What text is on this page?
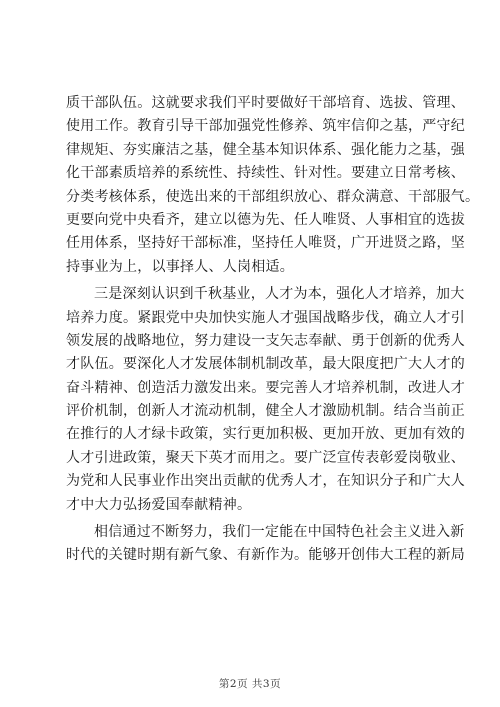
质干部队伍。这就要求我们平时要做好干部培育、选拔、管理、
使用工作。教育引导干部加强党性修养、筑牢信仰之基，严守纪
律规矩、夯实廉洁之基，健全基本知识体系、强化能力之基，强
化干部素质培养的系统性、持续性、针对性。要建立日常考核、
分类考核体系，使选出来的干部组织放心、群众满意、干部服气。
更要向党中央看齐，建立以德为先、任人唯贤、人事相宜的选拔
任用体系，坚持好干部标准，坚持任人唯贤，广开进贤之路，坚
持事业为上，以事择人、人岗相适。
三是深刻认识到千秋基业，人才为本，强化人才培养，加大
培养力度。紧跟党中央加快实施人才强国战略步伐，确立人才引
领发展的战略地位，努力建设一支矢志奉献、勇于创新的优秀人
才队伍。要深化人才发展体制机制改革，最大限度把广大人才的
奋斗精神、创造活力激发出来。要完善人才培养机制，改进人才
评价机制，创新人才流动机制，健全人才激励机制。结合当前正
在推行的人才绿卡政策，实行更加积极、更加开放、更加有效的
人才引进政策，聚天下英才而用之。要广泛宣传表彰爱岗敬业、
为党和人民事业作出突出贡献的优秀人才，在知识分子和广大人
才中大力弘扬爱国奉献精神。
相信通过不断努力，我们一定能在中国特色社会主义进入新
时代的关键时期有新气象、有新作为。能够开创伟大工程的新局
第2页 共3页
